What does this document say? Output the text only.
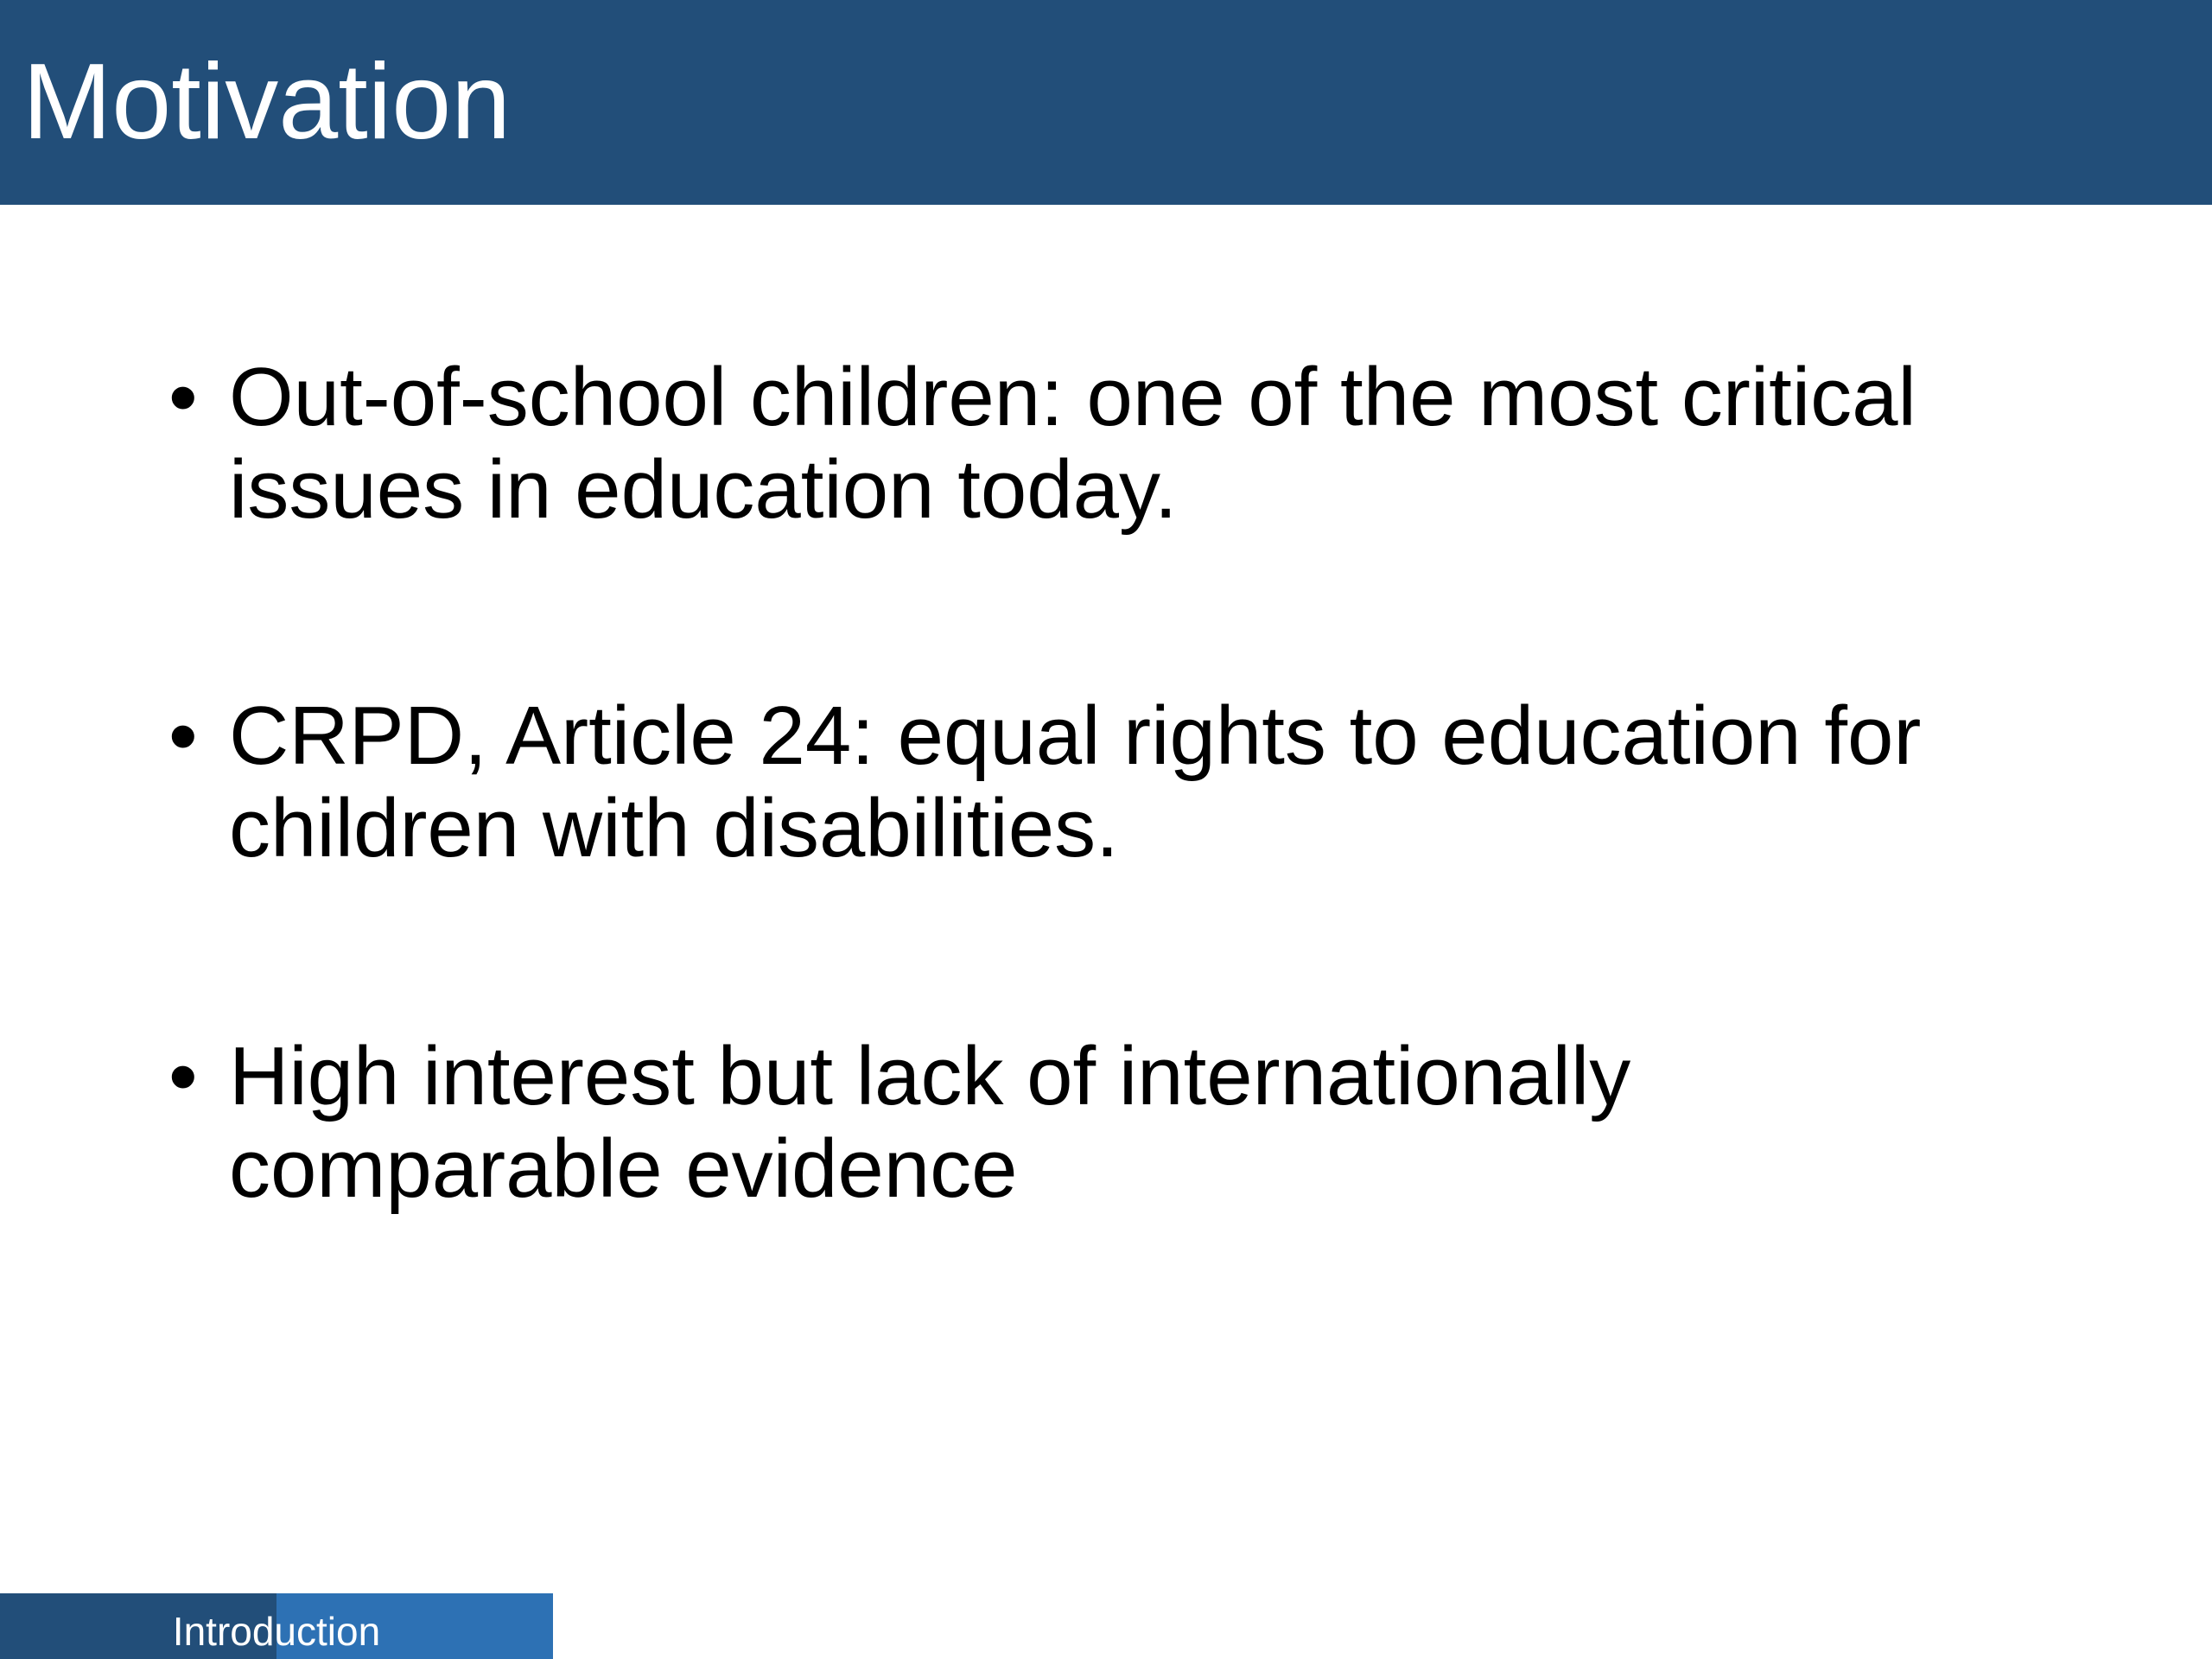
Motivation
• Out-of-school children: one of the most critical
issues in education today.
• CRPD, Article 24: equal rights to education for
children with disabilities.
• High interest but lack of internationally
comparable evidence
Introduction
